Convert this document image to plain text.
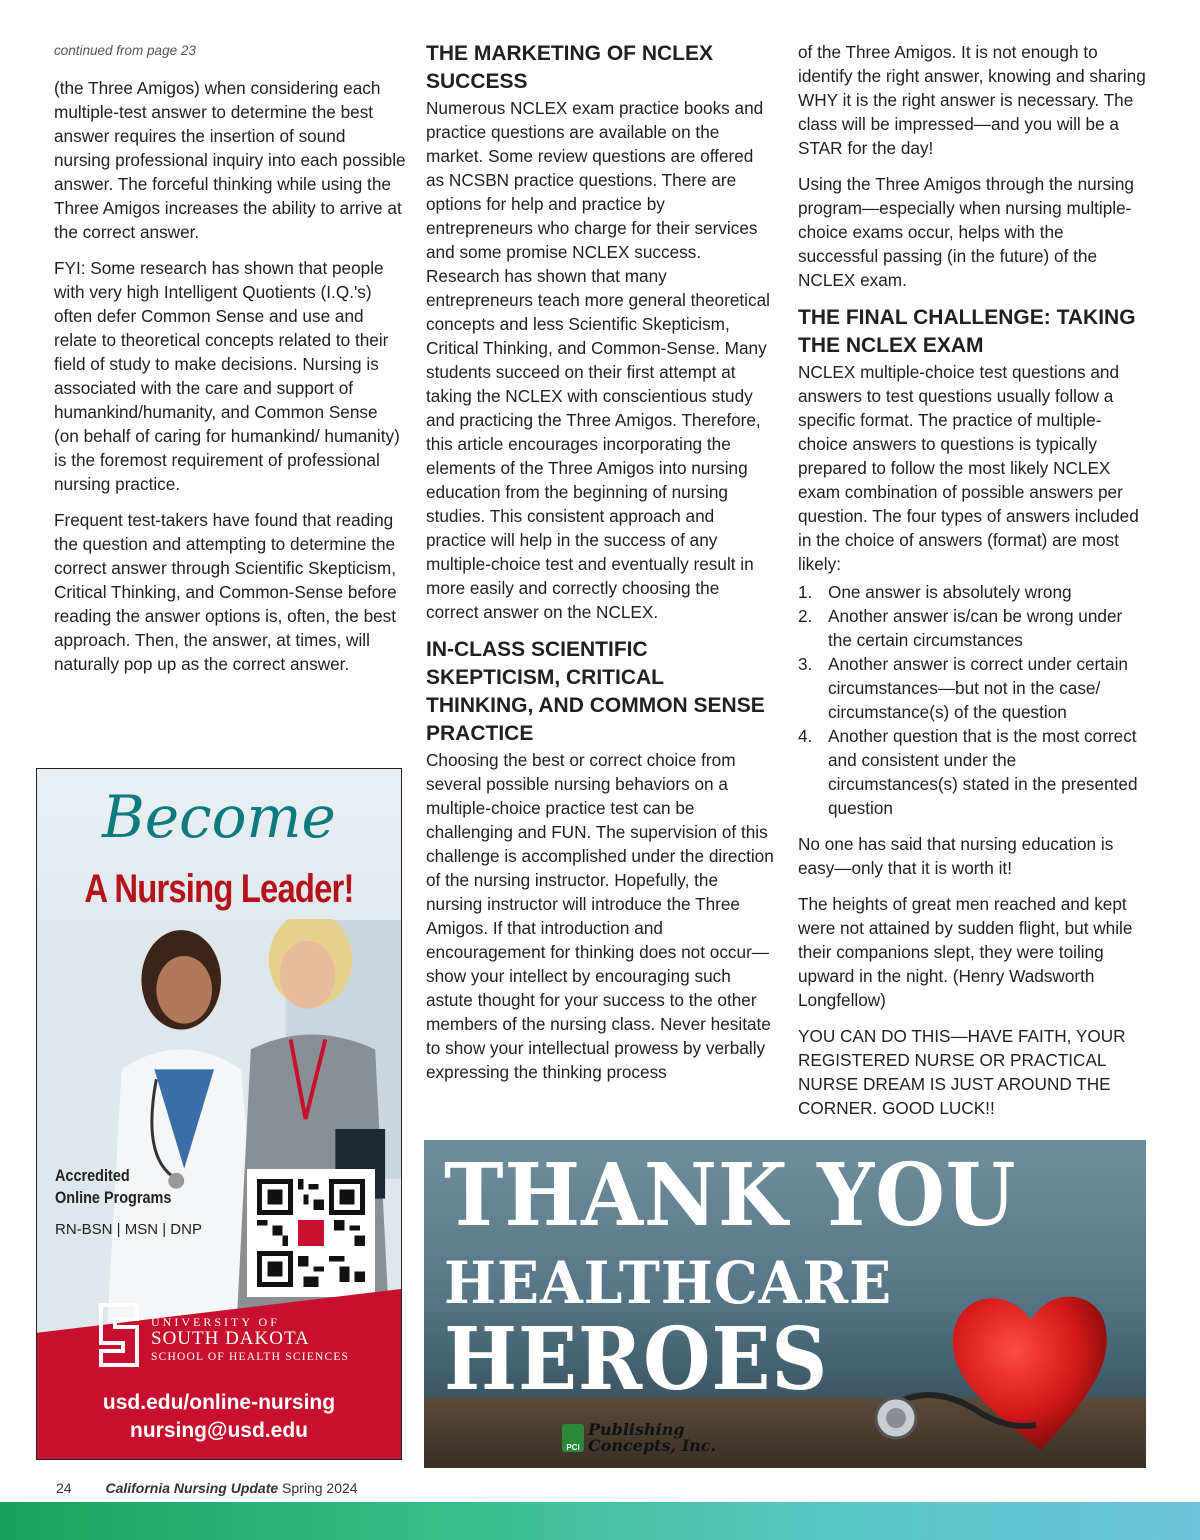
continued from page 23

(the Three Amigos) when considering each multiple-test answer to determine the best answer requires the insertion of sound nursing professional inquiry into each possible answer. The forceful thinking while using the Three Amigos increases the ability to arrive at the correct answer.

FYI: Some research has shown that people with very high Intelligent Quotients (I.Q.'s) often defer Common Sense and use and relate to theoretical concepts related to their field of study to make decisions. Nursing is associated with the care and support of humankind/humanity, and Common Sense (on behalf of caring for humankind/ humanity) is the foremost requirement of professional nursing practice.

Frequent test-takers have found that reading the question and attempting to determine the correct answer through Scientific Skepticism, Critical Thinking, and Common-Sense before reading the answer options is, often, the best approach. Then, the answer, at times, will naturally pop up as the correct answer.

THE MARKETING OF NCLEX SUCCESS

Numerous NCLEX exam practice books and practice questions are available on the market. Some review questions are offered as NCSBN practice questions. There are options for help and practice by entrepreneurs who charge for their services and some promise NCLEX success. Research has shown that many entrepreneurs teach more general theoretical concepts and less Scientific Skepticism, Critical Thinking, and Common-Sense. Many students succeed on their first attempt at taking the NCLEX with conscientious study and practicing the Three Amigos. Therefore, this article encourages incorporating the elements of the Three Amigos into nursing education from the beginning of nursing studies. This consistent approach and practice will help in the success of any multiple-choice test and eventually result in more easily and correctly choosing the correct answer on the NCLEX.

IN-CLASS SCIENTIFIC SKEPTICISM, CRITICAL THINKING, AND COMMON SENSE PRACTICE

Choosing the best or correct choice from several possible nursing behaviors on a multiple-choice practice test can be challenging and FUN. The supervision of this challenge is accomplished under the direction of the nursing instructor. Hopefully, the nursing instructor will introduce the Three Amigos. If that introduction and encouragement for thinking does not occur—show your intellect by encouraging such astute thought for your success to the other members of the nursing class. Never hesitate to show your intellectual prowess by verbally expressing the thinking process

of the Three Amigos. It is not enough to identify the right answer, knowing and sharing WHY it is the right answer is necessary. The class will be impressed—and you will be a STAR for the day!

Using the Three Amigos through the nursing program—especially when nursing multiple-choice exams occur, helps with the successful passing (in the future) of the NCLEX exam.

THE FINAL CHALLENGE: TAKING THE NCLEX EXAM

NCLEX multiple-choice test questions and answers to test questions usually follow a specific format. The practice of multiple-choice answers to questions is typically prepared to follow the most likely NCLEX exam combination of possible answers per question. The four types of answers included in the choice of answers (format) are most likely:

1. One answer is absolutely wrong
2. Another answer is/can be wrong under the certain circumstances
3. Another answer is correct under certain circumstances—but not in the case/ circumstance(s) of the question
4. Another question that is the most correct and consistent under the circumstances(s) stated in the presented question

No one has said that nursing education is easy—only that it is worth it!

The heights of great men reached and kept were not attained by sudden flight, but while their companions slept, they were toiling upward in the night. (Henry Wadsworth Longfellow)

YOU CAN DO THIS—HAVE FAITH, YOUR REGISTERED NURSE OR PRACTICAL NURSE DREAM IS JUST AROUND THE CORNER. GOOD LUCK!!

Become
A Nursing Leader!
Accredited
Online Programs
RN-BSN | MSN | DNP
UNIVERSITY OF
SOUTH DAKOTA
SCHOOL OF HEALTH SCIENCES
usd.edu/online-nursing
nursing@usd.edu
THANK YOU
HEALTHCARE
HEROES
PCI
Publishing
Concepts, Inc.
24 California Nursing Update Spring 2024
